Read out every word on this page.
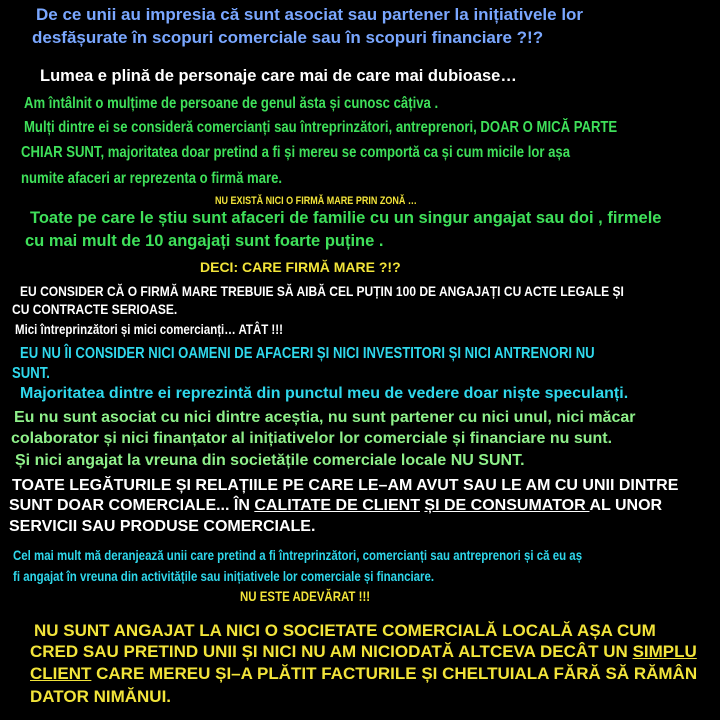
De ce unii au impresia că sunt asociat sau partener la inițiativele lor
desfășurate în scopuri comerciale sau în scopuri financiare ?!?
Lumea e plină de personaje care mai de care mai dubioase…
Am întâlnit o mulțime de persoane de genul ăsta și cunosc câțiva .
Mulți dintre ei se consideră comercianți sau întreprinzători, antreprenori, DOAR O MICĂ PARTE
CHIAR SUNT, majoritatea doar pretind a fi și mereu se comportă ca și cum micile lor așa
numite afaceri ar reprezenta o firmă mare.
NU EXISTĂ NICI O FIRMĂ MARE PRIN ZONĂ …
Toate pe care le știu sunt afaceri de familie cu un singur angajat sau doi , firmele
cu mai mult de 10 angajați sunt foarte puține .
DECI: CARE FIRMĂ MARE ?!?
EU CONSIDER CĂ O FIRMĂ MARE TREBUIE SĂ AIBĂ CEL PUȚIN 100 DE ANGAJAȚI CU ACTE LEGALE ȘI
CU CONTRACTE SERIOASE.
Mici întreprinzători și mici comercianți… ATÂT !!!
EU NU ÎI CONSIDER NICI OAMENI DE AFACERI ȘI NICI INVESTITORI ȘI NICI ANTRENORI NU
SUNT.
Majoritatea dintre ei reprezintă din punctul meu de vedere doar niște speculanți.
Eu nu sunt asociat cu nici dintre aceștia, nu sunt partener cu nici unul, nici măcar
colaborator și nici finanțator al inițiativelor lor comerciale și financiare nu sunt.
Și nici angajat la vreuna din societățile comerciale locale NU SUNT.
TOATE LEGĂTURILE ȘI RELAȚIILE PE CARE LE–AM AVUT SAU LE AM CU UNII DINTRE
SUNT DOAR COMERCIALE... ÎN CALITATE DE CLIENT ȘI DE CONSUMATOR AL UNOR
SERVICII SAU PRODUSE COMERCIALE.
Cel mai mult mă deranjează unii care pretind a fi întreprinzători, comercianți sau antreprenori și că eu aș
fi angajat în vreuna din activitățile sau inițiativele lor comerciale și financiare.
NU ESTE ADEVĂRAT !!!
NU SUNT ANGAJAT LA NICI O SOCIETATE COMERCIALĂ LOCALĂ AȘA CUM
CRED SAU PRETIND UNII ȘI NICI NU AM NICIODATĂ ALTCEVA DECÂT UN SIMPLU
CLIENT CARE MEREU ȘI–A PLĂTIT FACTURILE ȘI CHELTUIALA FĂRĂ SĂ RĂMÂN
DATOR NIMĂNUI.
